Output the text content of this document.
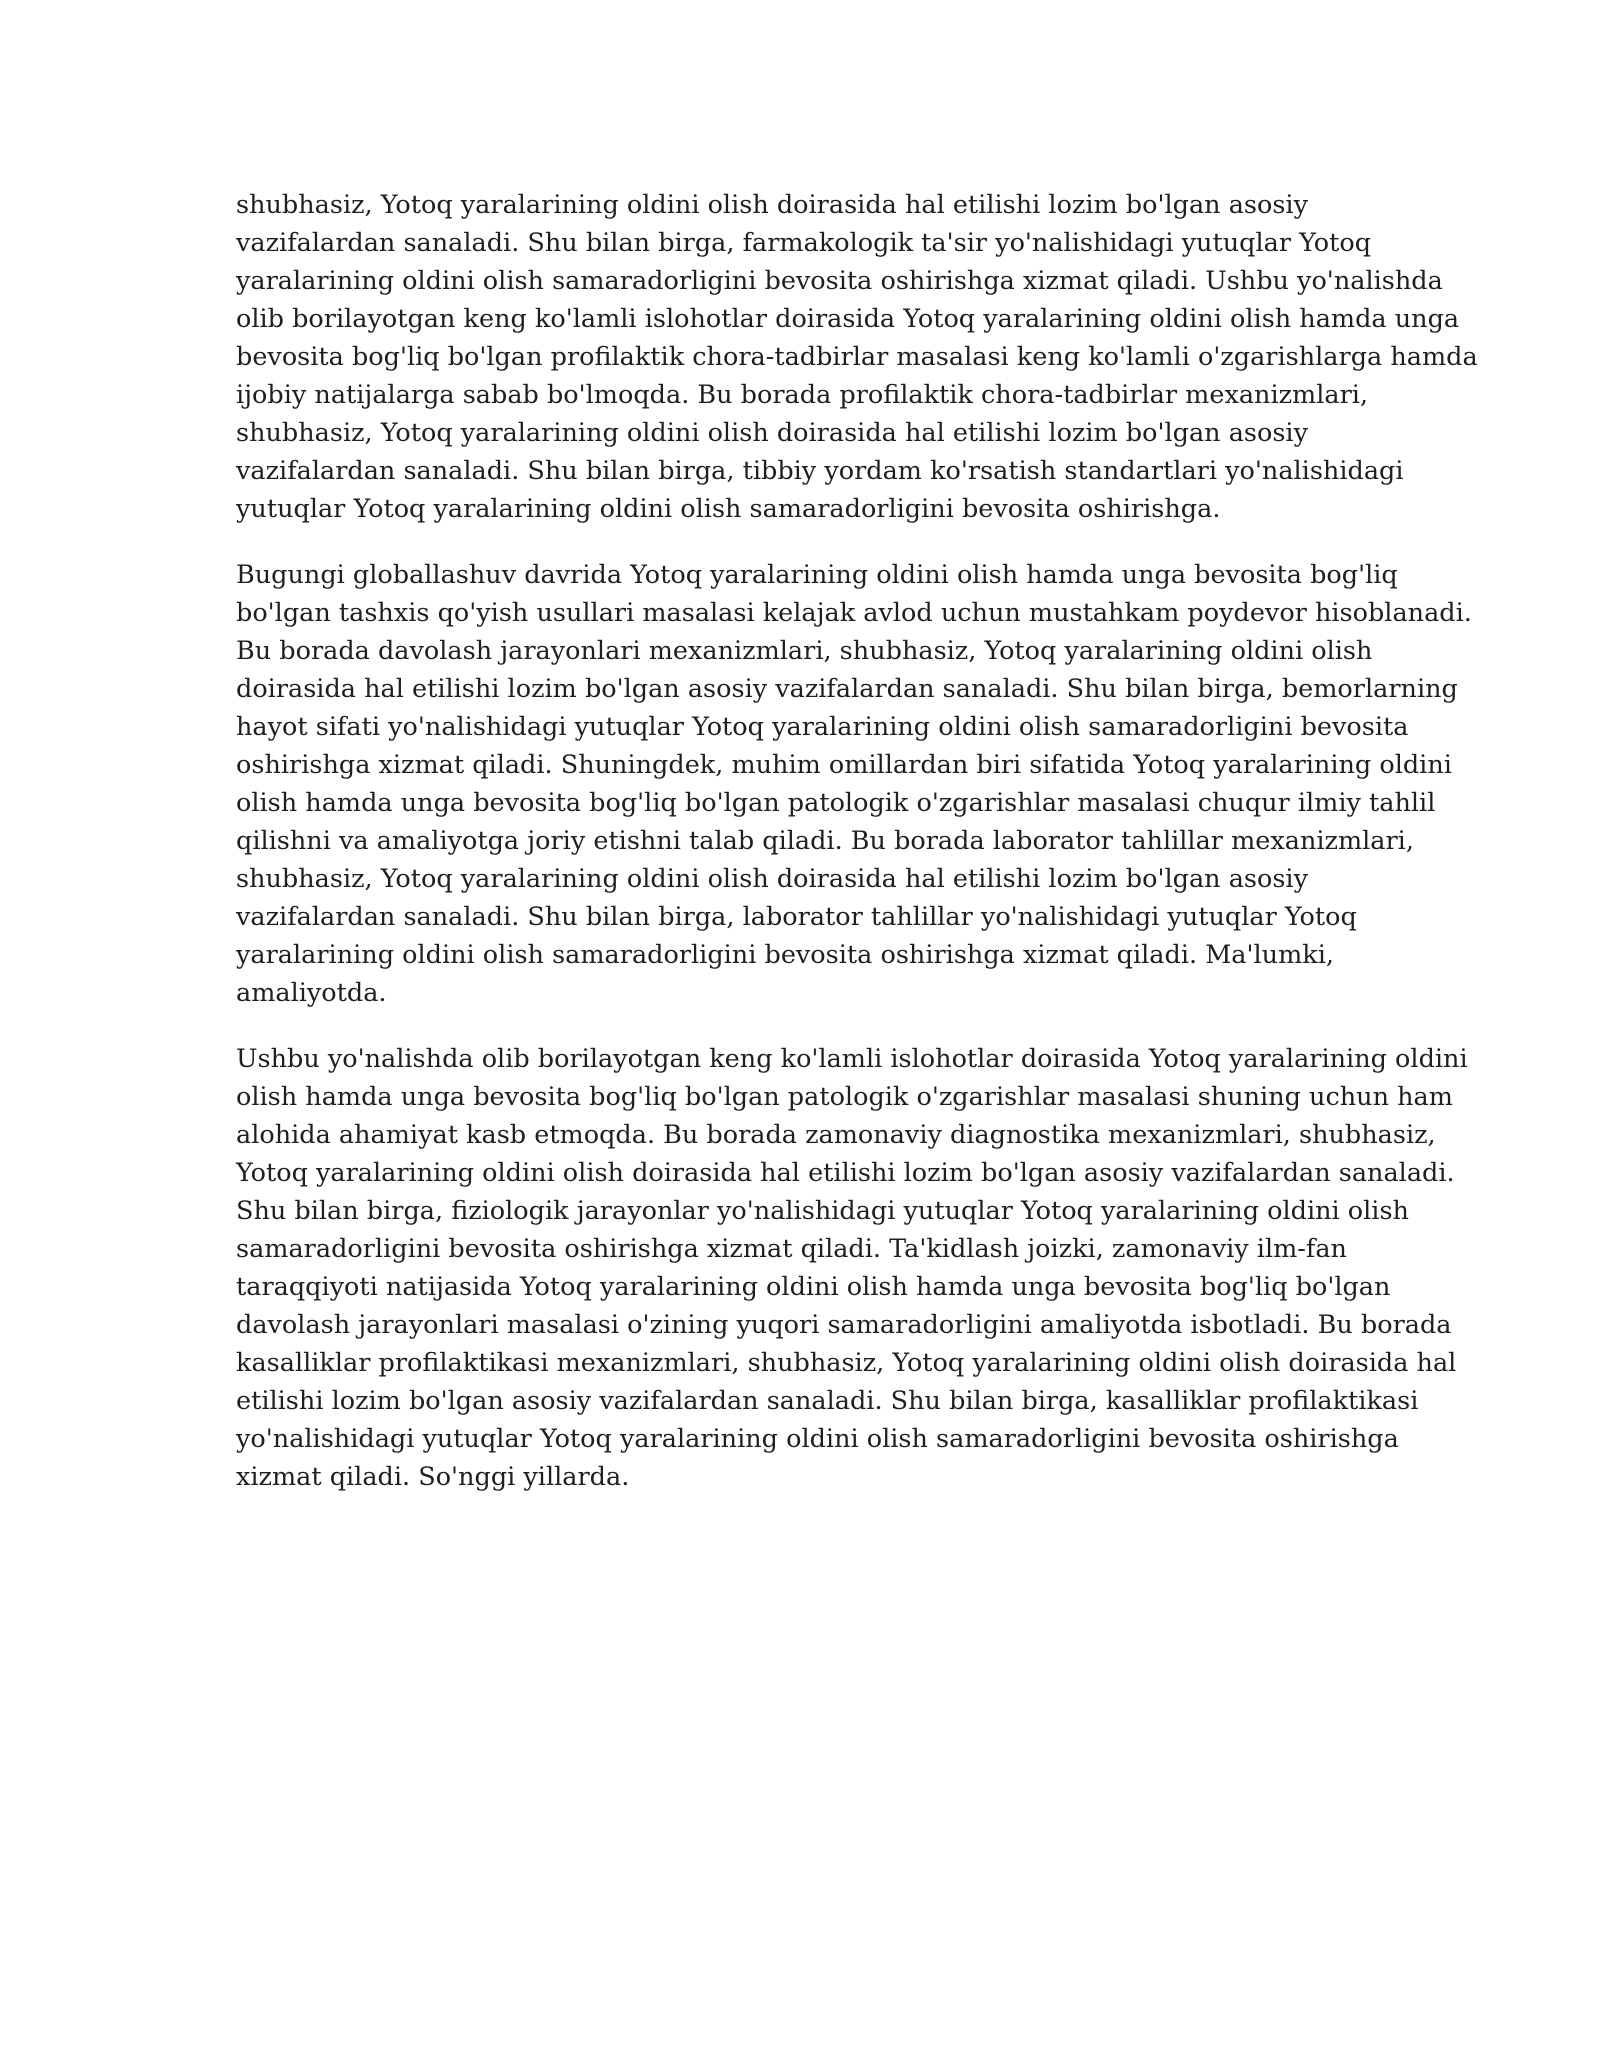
shubhasiz, Yotoq yaralarining oldini olish doirasida hal etilishi lozim bo'lgan asosiy
vazifalardan sanaladi. Shu bilan birga, farmakologik ta'sir yo'nalishidagi yutuqlar Yotoq
yaralarining oldini olish samaradorligini bevosita oshirishga xizmat qiladi. Ushbu yo'nalishda
olib borilayotgan keng ko'lamli islohotlar doirasida Yotoq yaralarining oldini olish hamda unga
bevosita bog'liq bo'lgan profilaktik chora-tadbirlar masalasi keng ko'lamli o'zgarishlarga hamda
ijobiy natijalarga sabab bo'lmoqda. Bu borada profilaktik chora-tadbirlar mexanizmlari,
shubhasiz, Yotoq yaralarining oldini olish doirasida hal etilishi lozim bo'lgan asosiy
vazifalardan sanaladi. Shu bilan birga, tibbiy yordam ko'rsatish standartlari yo'nalishidagi
yutuqlar Yotoq yaralarining oldini olish samaradorligini bevosita oshirishga.

Bugungi globallashuv davrida Yotoq yaralarining oldini olish hamda unga bevosita bog'liq
bo'lgan tashxis qo'yish usullari masalasi kelajak avlod uchun mustahkam poydevor hisoblanadi.
Bu borada davolash jarayonlari mexanizmlari, shubhasiz, Yotoq yaralarining oldini olish
doirasida hal etilishi lozim bo'lgan asosiy vazifalardan sanaladi. Shu bilan birga, bemorlarning
hayot sifati yo'nalishidagi yutuqlar Yotoq yaralarining oldini olish samaradorligini bevosita
oshirishga xizmat qiladi. Shuningdek, muhim omillardan biri sifatida Yotoq yaralarining oldini
olish hamda unga bevosita bog'liq bo'lgan patologik o'zgarishlar masalasi chuqur ilmiy tahlil
qilishni va amaliyotga joriy etishni talab qiladi. Bu borada laborator tahlillar mexanizmlari,
shubhasiz, Yotoq yaralarining oldini olish doirasida hal etilishi lozim bo'lgan asosiy
vazifalardan sanaladi. Shu bilan birga, laborator tahlillar yo'nalishidagi yutuqlar Yotoq
yaralarining oldini olish samaradorligini bevosita oshirishga xizmat qiladi. Ma'lumki,
amaliyotda.

Ushbu yo'nalishda olib borilayotgan keng ko'lamli islohotlar doirasida Yotoq yaralarining oldini
olish hamda unga bevosita bog'liq bo'lgan patologik o'zgarishlar masalasi shuning uchun ham
alohida ahamiyat kasb etmoqda. Bu borada zamonaviy diagnostika mexanizmlari, shubhasiz,
Yotoq yaralarining oldini olish doirasida hal etilishi lozim bo'lgan asosiy vazifalardan sanaladi.
Shu bilan birga, fiziologik jarayonlar yo'nalishidagi yutuqlar Yotoq yaralarining oldini olish
samaradorligini bevosita oshirishga xizmat qiladi. Ta'kidlash joizki, zamonaviy ilm-fan
taraqqiyoti natijasida Yotoq yaralarining oldini olish hamda unga bevosita bog'liq bo'lgan
davolash jarayonlari masalasi o'zining yuqori samaradorligini amaliyotda isbotladi. Bu borada
kasalliklar profilaktikasi mexanizmlari, shubhasiz, Yotoq yaralarining oldini olish doirasida hal
etilishi lozim bo'lgan asosiy vazifalardan sanaladi. Shu bilan birga, kasalliklar profilaktikasi
yo'nalishidagi yutuqlar Yotoq yaralarining oldini olish samaradorligini bevosita oshirishga
xizmat qiladi. So'nggi yillarda.
